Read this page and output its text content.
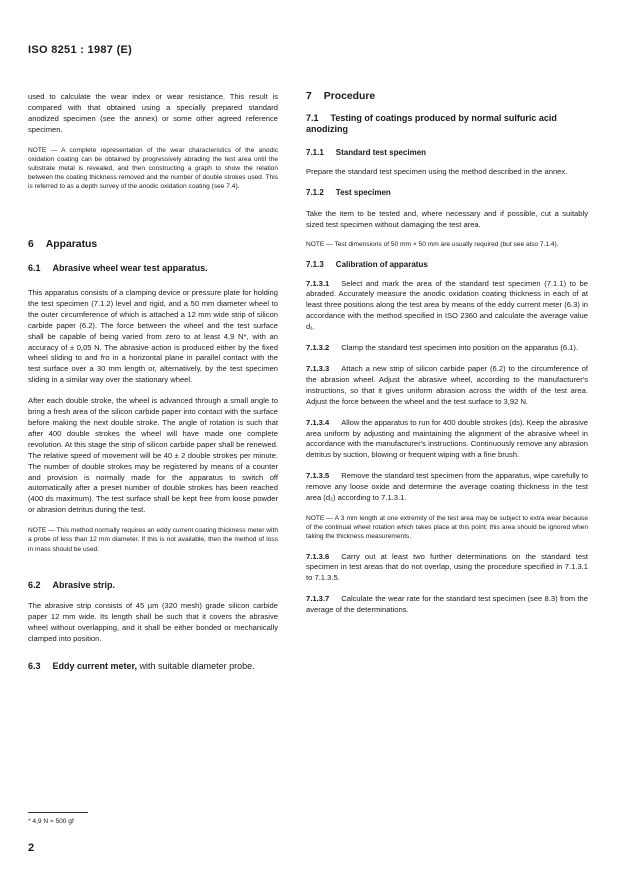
ISO 8251 : 1987 (E)

used to calculate the wear index or wear resistance. This result is compared with that obtained using a specially prepared standard anodized specimen (see the annex) or some other agreed reference specimen.

NOTE — A complete representation of the wear characteristics of the anodic oxidation coating can be obtained by progressively abrading the test area until the substrate metal is revealed, and then constructing a graph to show the relation between the coating thickness removed and the number of double strokes used. This is referred to as a depth survey of the anodic oxidation coating (see 7.4).

6 Apparatus
6.1 Abrasive wheel wear test apparatus.

This apparatus consists of a clamping device or pressure plate for holding the test specimen (7.1.2) level and rigid, and a 50 mm diameter wheel to the outer circumference of which is attached a 12 mm wide strip of silicon carbide paper (6.2). The force between the wheel and the test surface shall be capable of being varied from zero to at least 4,9 N*, with an accuracy of ± 0,05 N. The abrasive action is produced either by the fixed wheel sliding to and fro in a horizontal plane in parallel contact with the test surface over a 30 mm length or, alternatively, by the test specimen sliding in a similar way over the stationary wheel.

After each double stroke, the wheel is advanced through a small angle to bring a fresh area of the silicon carbide paper into contact with the surface before making the next double stroke. The angle of rotation is such that after 400 double strokes the wheel will have made one complete revolution. At this stage the strip of silicon carbide paper shall be renewed. The relative speed of movement will be 40 ± 2 double strokes per minute. The number of double strokes may be registered by means of a counter and provision is normally made for the apparatus to switch off automatically after a preset number of double strokes has been reached (400 ds maximum). The test surface shall be kept free from loose powder or abrasion detritus during the test.

NOTE — This method normally requires an eddy current coating thickness meter with a probe of less than 12 mm diameter. If this is not available, then the method of loss in mass should be used.

6.2 Abrasive strip.

The abrasive strip consists of 45 µm (320 mesh) grade silicon carbide paper 12 mm wide. Its length shall be such that it covers the abrasive wheel without overlapping, and it shall be either bonded or mechanically clamped into position.

6.3 Eddy current meter, with suitable diameter probe.
7 Procedure
7.1 Testing of coatings produced by normal sulfuric acid anodizing
7.1.1 Standard test specimen

Prepare the standard test specimen using the method described in the annex.

7.1.2 Test specimen

Take the item to be tested and, where necessary and if possible, cut a suitably sized test specimen without damaging the test area.

NOTE — Test dimensions of 50 mm × 50 mm are usually required (but see also 7.1.4).

7.1.3 Calibration of apparatus

7.1.3.1 Select and mark the area of the standard test specimen (7.1.1) to be abraded. Accurately measure the anodic oxidation coating thickness in each of at least three positions along the test area by means of the eddy current meter (6.3) in accordance with the method specified in ISO 2360 and calculate the average value d₁.

7.1.3.2 Clamp the standard test specimen into position on the apparatus (6.1).

7.1.3.3 Attach a new strip of silicon carbide paper (6.2) to the circumference of the abrasion wheel. Adjust the abrasive wheel, according to the manufacturer's instructions, so that it gives uniform abrasion across the width of the test area. Adjust the force between the wheel and the test surface to 3,92 N.

7.1.3.4 Allow the apparatus to run for 400 double strokes (ds). Keep the abrasive area uniform by adjusting and maintaining the alignment of the abrasive wheel in accordance with the manufacturer's instructions. Continuously remove any abrasion detritus by suction, blowing or frequent wiping with a fine brush.

7.1.3.5 Remove the standard test specimen from the apparatus, wipe carefully to remove any loose oxide and determine the average coating thickness in the test area (d₂) according to 7.1.3.1.

NOTE — A 3 mm length at one extremity of the test area may be subject to extra wear because of the continual wheel rotation which takes place at this point; this area should be ignored when taking the thickness measurements.

7.1.3.6 Carry out at least two further determinations on the standard test specimen in test areas that do not overlap, using the procedure specified in 7.1.3.1 to 7.1.3.5.

7.1.3.7 Calculate the wear rate for the standard test specimen (see 8.3) from the average of the determinations.

* 4,9 N ≈ 500 gf
2
